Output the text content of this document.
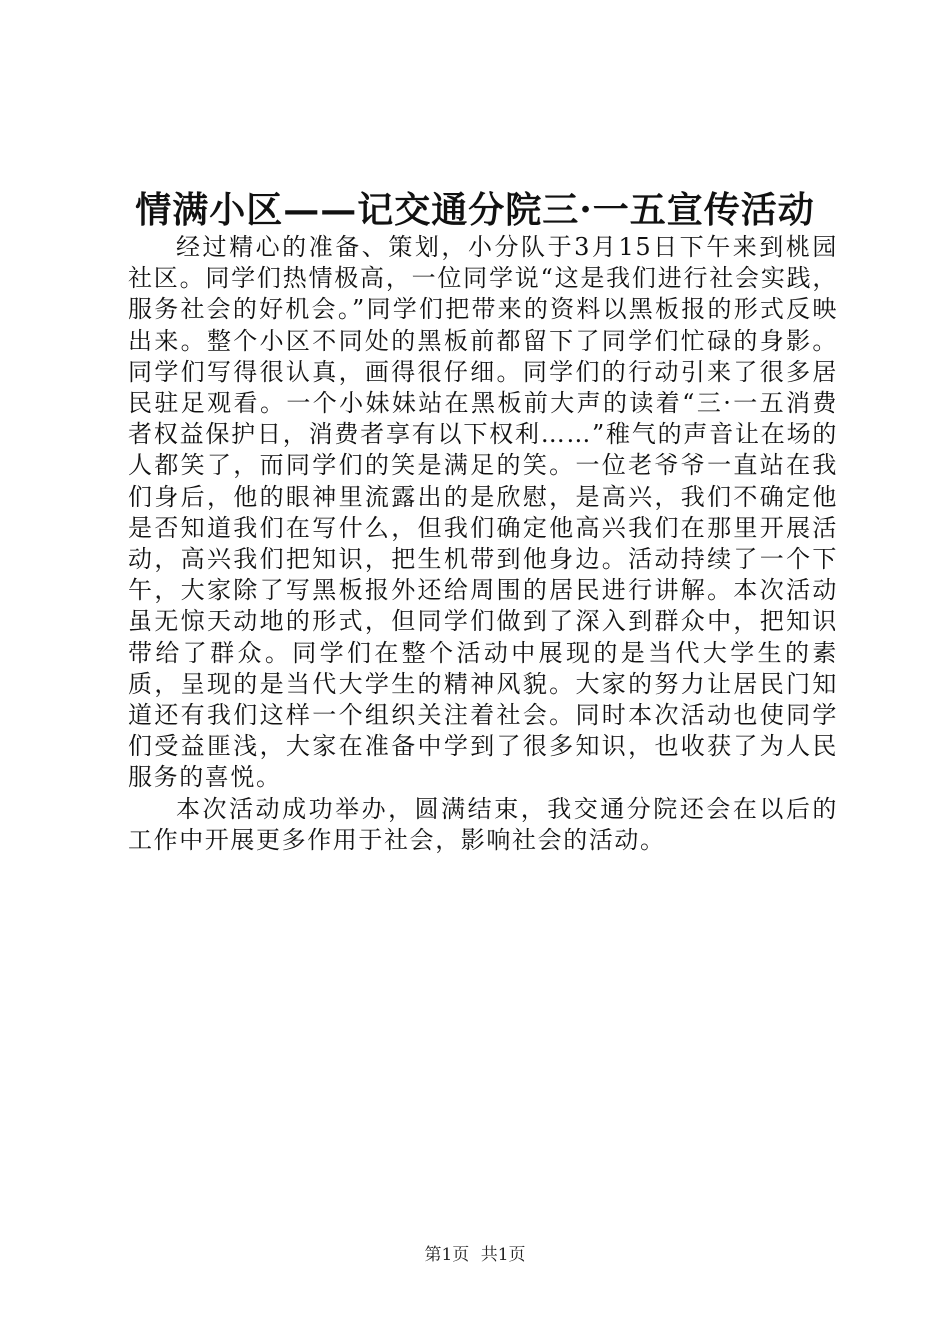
情满小区——记交通分院三·一五宣传活动

经过精心的准备、策划，小分队于3月15日下午来到桃园社区。同学们热情极高，一位同学说“这是我们进行社会实践，服务社会的好机会。”同学们把带来的资料以黑板报的形式反映出来。整个小区不同处的黑板前都留下了同学们忙碌的身影。同学们写得很认真，画得很仔细。同学们的行动引来了很多居民驻足观看。一个小妹妹站在黑板前大声的读着“三·一五消费者权益保护日，消费者享有以下权利……”稚气的声音让在场的人都笑了，而同学们的笑是满足的笑。一位老爷爷一直站在我们身后，他的眼神里流露出的是欣慰，是高兴，我们不确定他是否知道我们在写什么，但我们确定他高兴我们在那里开展活动，高兴我们把知识，把生机带到他身边。活动持续了一个下午，大家除了写黑板报外还给周围的居民进行讲解。本次活动虽无惊天动地的形式，但同学们做到了深入到群众中，把知识带给了群众。同学们在整个活动中展现的是当代大学生的素质，呈现的是当代大学生的精神风貌。大家的努力让居民门知道还有我们这样一个组织关注着社会。同时本次活动也使同学们受益匪浅，大家在准备中学到了很多知识，也收获了为人民服务的喜悦。

本次活动成功举办，圆满结束，我交通分院还会在以后的工作中开展更多作用于社会，影响社会的活动。

第1页 共1页
